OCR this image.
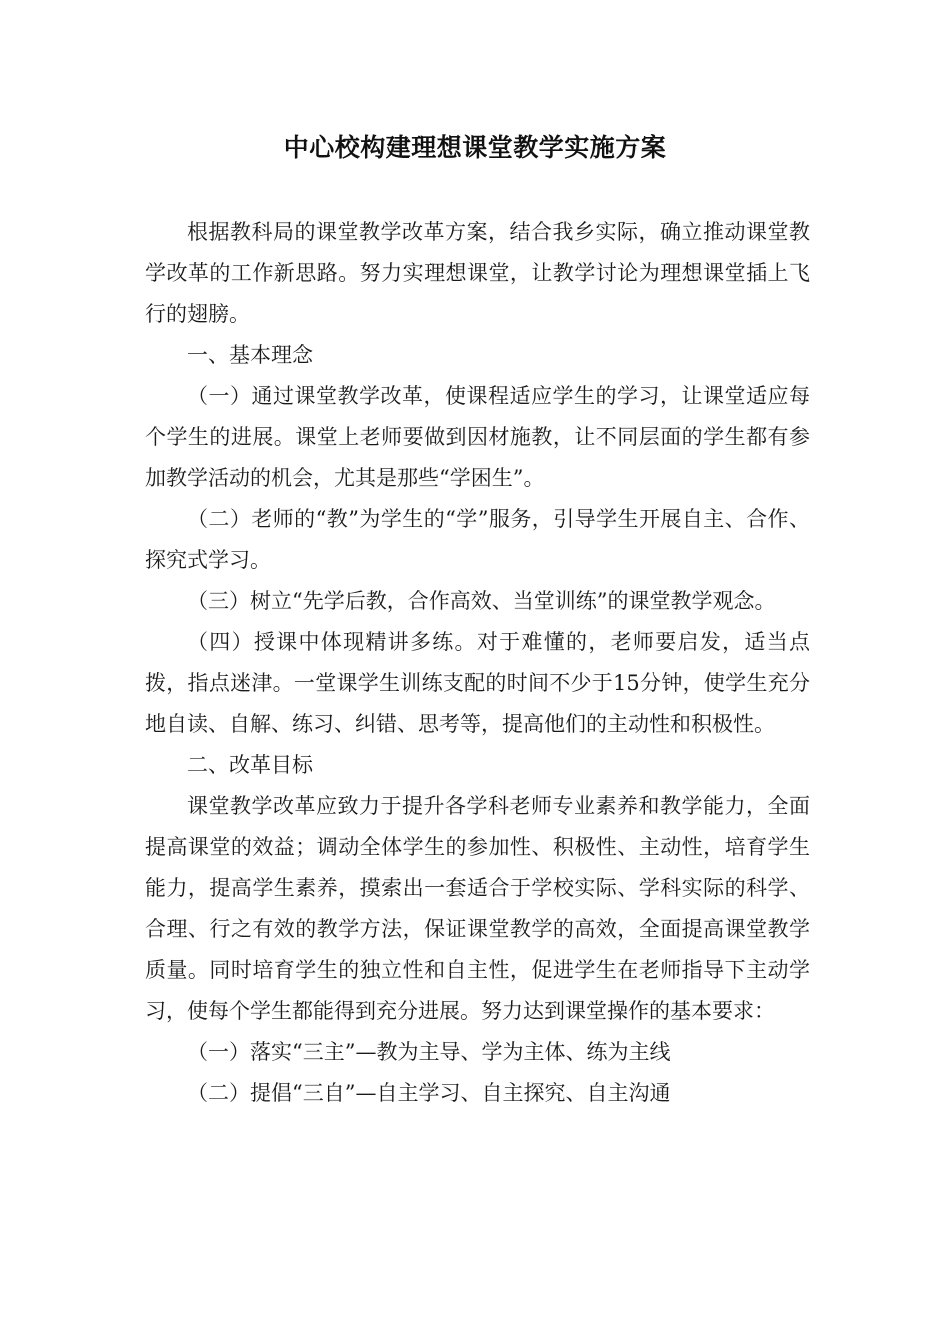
中心校构建理想课堂教学实施方案

根据教科局的课堂教学改革方案，结合我乡实际，确立推动课堂教学改革的工作新思路。努力实理想课堂，让教学讨论为理想课堂插上飞行的翅膀。

一、基本理念

（一）通过课堂教学改革，使课程适应学生的学习，让课堂适应每个学生的进展。课堂上老师要做到因材施教，让不同层面的学生都有参加教学活动的机会，尤其是那些“学困生”。

（二）老师的“教”为学生的“学”服务，引导学生开展自主、合作、探究式学习。

（三）树立“先学后教，合作高效、当堂训练”的课堂教学观念。

（四）授课中体现精讲多练。对于难懂的，老师要启发，适当点拨，指点迷津。一堂课学生训练支配的时间不少于15分钟，使学生充分地自读、自解、练习、纠错、思考等，提高他们的主动性和积极性。

二、改革目标

课堂教学改革应致力于提升各学科老师专业素养和教学能力，全面提高课堂的效益；调动全体学生的参加性、积极性、主动性，培育学生能力，提高学生素养，摸索出一套适合于学校实际、学科实际的科学、合理、行之有效的教学方法，保证课堂教学的高效，全面提高课堂教学质量。同时培育学生的独立性和自主性，促进学生在老师指导下主动学习，使每个学生都能得到充分进展。努力达到课堂操作的基本要求：

（一）落实“三主”—教为主导、学为主体、练为主线

（二）提倡“三自”—自主学习、自主探究、自主沟通
